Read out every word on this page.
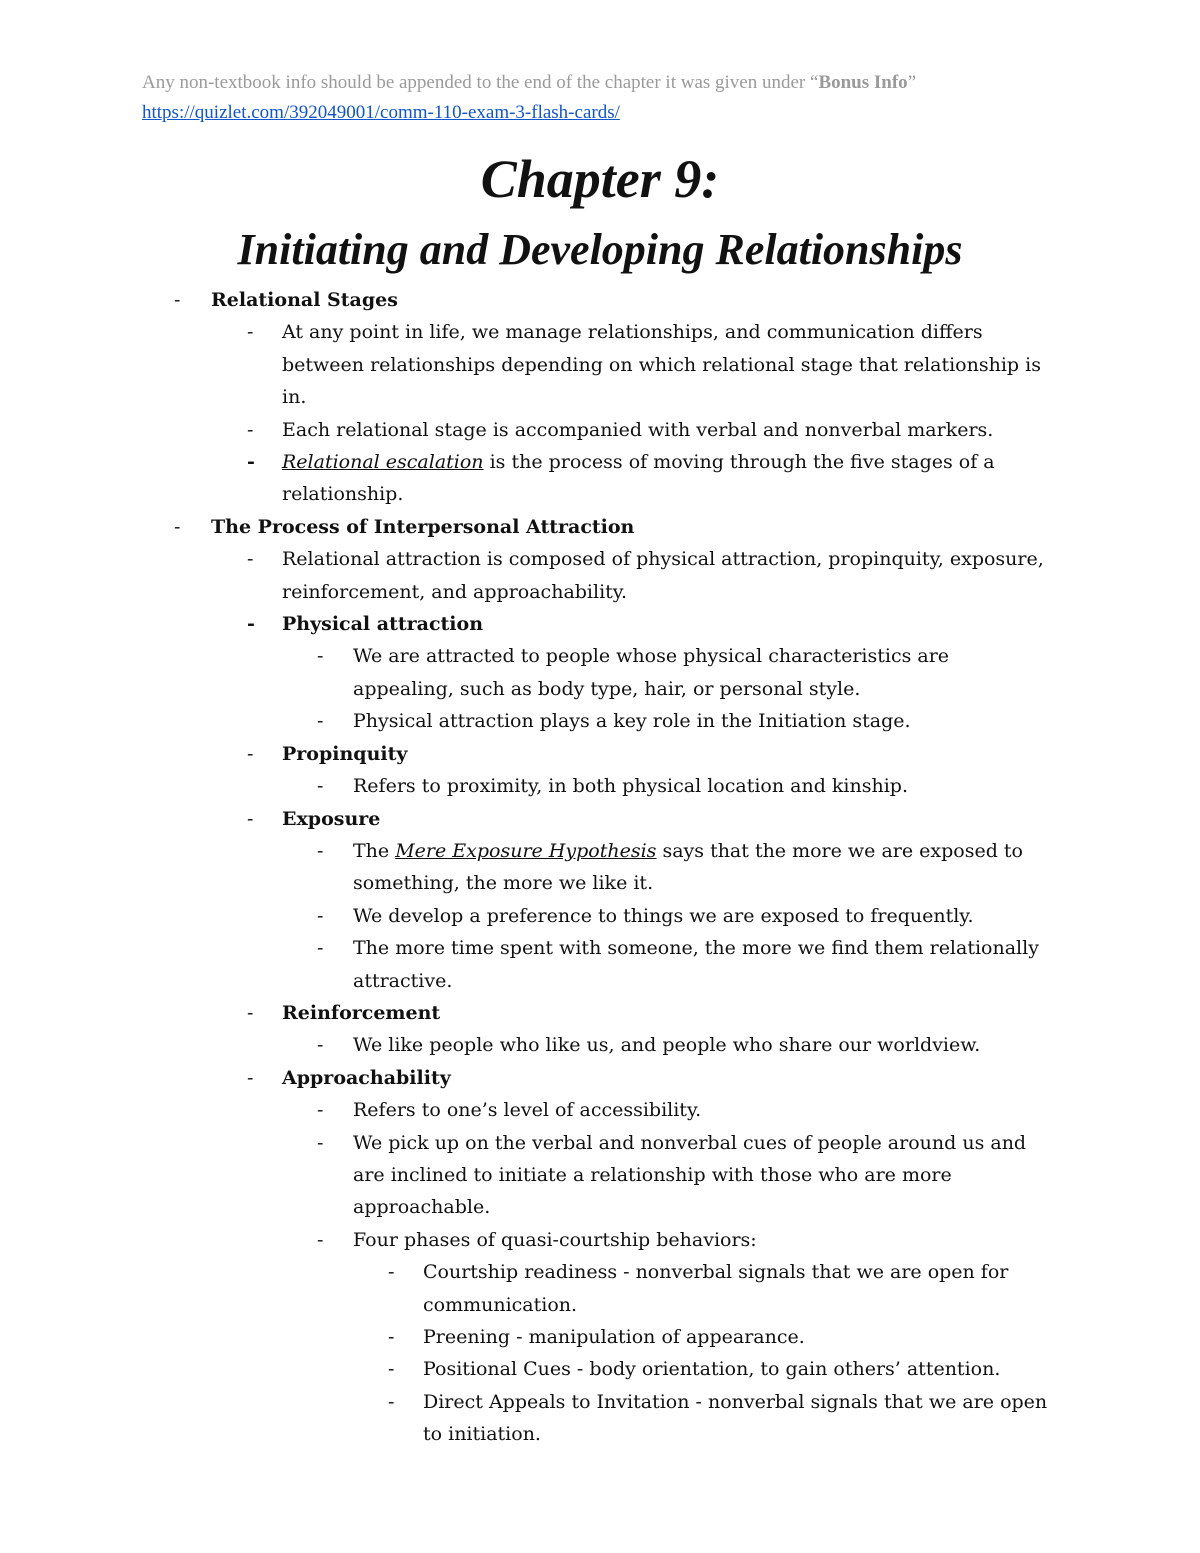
Any non-textbook info should be appended to the end of the chapter it was given under “Bonus Info”
https://quizlet.com/392049001/comm-110-exam-3-flash-cards/
Chapter 9:
Initiating and Developing Relationships
- Relational Stages
- At any point in life, we manage relationships, and communication differs between relationships depending on which relational stage that relationship is in.
- Each relational stage is accompanied with verbal and nonverbal markers.
- Relational escalation is the process of moving through the five stages of a relationship.
- The Process of Interpersonal Attraction
- Relational attraction is composed of physical attraction, propinquity, exposure, reinforcement, and approachability.
- Physical attraction
- We are attracted to people whose physical characteristics are appealing, such as body type, hair, or personal style.
- Physical attraction plays a key role in the Initiation stage.
- Propinquity
- Refers to proximity, in both physical location and kinship.
- Exposure
- The Mere Exposure Hypothesis says that the more we are exposed to something, the more we like it.
- We develop a preference to things we are exposed to frequently.
- The more time spent with someone, the more we find them relationally attractive.
- Reinforcement
- We like people who like us, and people who share our worldview.
- Approachability
- Refers to one’s level of accessibility.
- We pick up on the verbal and nonverbal cues of people around us and are inclined to initiate a relationship with those who are more approachable.
- Four phases of quasi-courtship behaviors:
- Courtship readiness - nonverbal signals that we are open for communication.
- Preening - manipulation of appearance.
- Positional Cues - body orientation, to gain others’ attention.
- Direct Appeals to Invitation - nonverbal signals that we are open to initiation.
